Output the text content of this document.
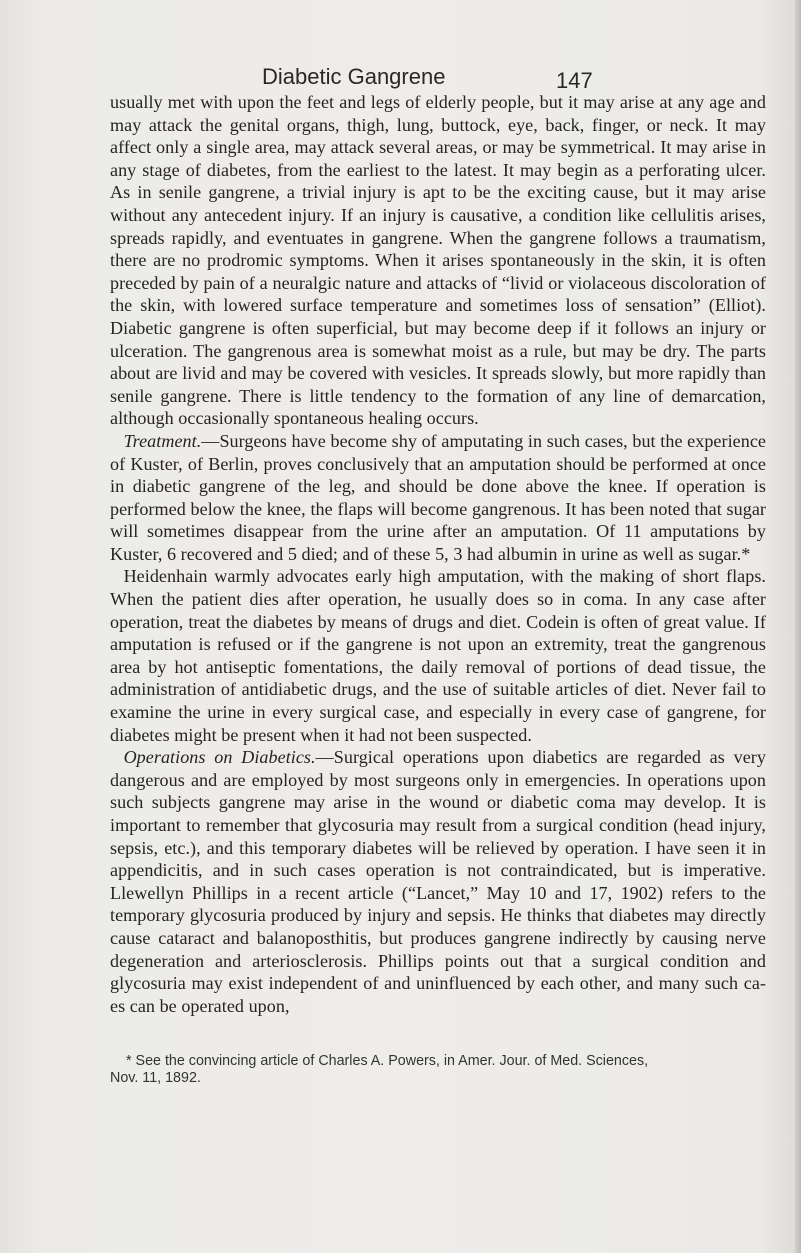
Diabetic Gangrene	147

usually met with upon the feet and legs of elderly people, but it may arise at any age and may attack the genital organs, thigh, lung, buttock, eye, back, finger, or neck. It may affect only a single area, may attack several areas, or may be symmetrical. It may arise in any stage of diabetes, from the earliest to the latest. It may begin as a perforating ulcer. As in senile gangrene, a trivial injury is apt to be the exciting cause, but it may arise without any antecedent injury. If an injury is causative, a condition like cellulitis arises, spreads rapidly, and eventuates in gangrene. When the gangrene follows a traumatism, there are no prodromic symptoms. When it arises spontaneously in the skin, it is often preceded by pain of a neuralgic nature and attacks of “livid or violaceous discoloration of the skin, with lowered surface temperature and sometimes loss of sensation” (Elliot). Diabetic gangrene is often superficial, but may become deep if it follows an injury or ulceration. The gangrenous area is somewhat moist as a rule, but may be dry. The parts about are livid and may be covered with vesicles. It spreads slowly, but more rapidly than senile gangrene. There is little tendency to the formation of any line of demarcation, although occasionally spontaneous healing occurs.

Treatment.—Surgeons have become shy of amputating in such cases, but the experience of Kuster, of Berlin, proves conclusively that an amputation should be performed at once in diabetic gangrene of the leg, and should be done above the knee. If operation is performed below the knee, the flaps will become gangrenous. It has been noted that sugar will sometimes disappear from the urine after an amputation. Of 11 amputations by Kuster, 6 recovered and 5 died; and of these 5, 3 had albumin in urine as well as sugar.*

Heidenhain warmly advocates early high amputation, with the making of short flaps. When the patient dies after operation, he usually does so in coma. In any case after operation, treat the diabetes by means of drugs and diet. Codein is often of great value. If amputation is refused or if the gangrene is not upon an extremity, treat the gangrenous area by hot antiseptic fomentations, the daily removal of portions of dead tissue, the administration of antidiabetic drugs, and the use of suitable articles of diet. Never fail to examine the urine in every surgical case, and especially in every case of gangrene, for diabetes might be present when it had not been suspected.

Operations on Diabetics.—Surgical operations upon diabetics are regarded as very dangerous and are employed by most surgeons only in emergencies. In operations upon such subjects gangrene may arise in the wound or diabetic coma may develop. It is important to remember that glycosuria may result from a surgical condition (head injury, sepsis, etc.), and this temporary diabetes will be relieved by operation. I have seen it in appendicitis, and in such cases operation is not contraindicated, but is imperative. Llewellyn Phillips in a recent article (“Lancet,” May 10 and 17, 1902) refers to the temporary glycosuria produced by injury and sepsis. He thinks that diabetes may directly cause cataract and balanoposthitis, but produces gangrene indirectly by causing nerve degeneration and arteriosclerosis. Phillips points out that a surgical condition and glycosuria may exist independent of and uninfluenced by each other, and many such ca-es can be operated upon,

* See the convincing article of Charles A. Powers, in Amer. Jour. of Med. Sciences,
Nov. 11, 1892.
